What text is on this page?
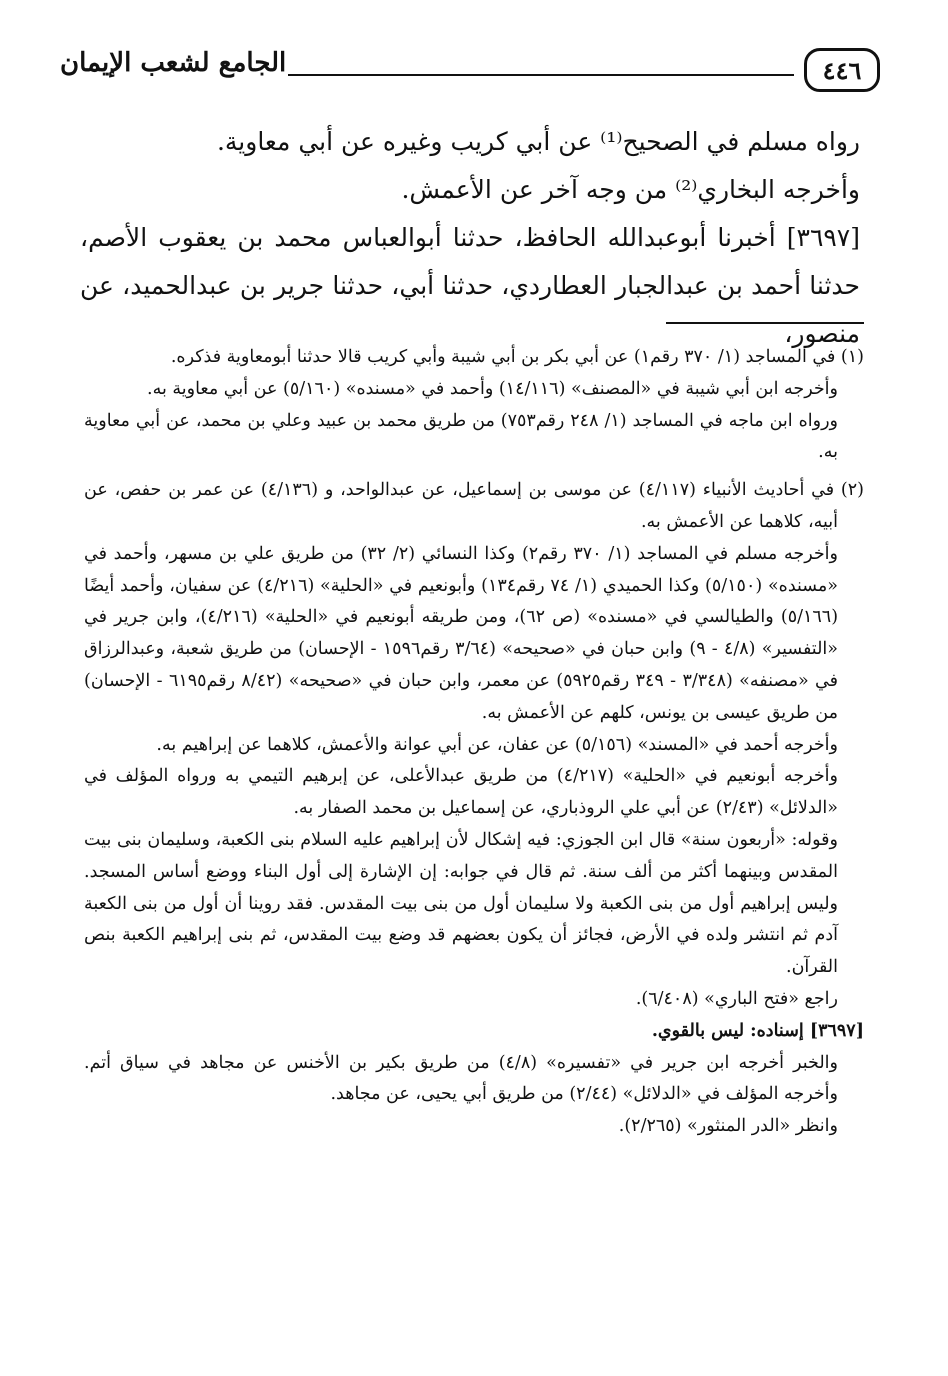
الجامع لشعب الإيمان	٤٤٦

رواه مسلم في الصحيح⁽¹⁾ عن أبي كريب وغيره عن أبي معاوية.

وأخرجه البخاري⁽²⁾ من وجه آخر عن الأعمش.

[٣٦٩٧] أخبرنا أبوعبدالله الحافظ، حدثنا أبوالعباس محمد بن يعقوب الأصم، حدثنا أحمد بن عبدالجبار العطاردي، حدثنا أبي، حدثنا جرير بن عبدالحميد، عن منصور،

(١) في المساجد (١/ ٣٧٠ رقم١) عن أبي بكر بن أبي شيبة وأبي كريب قالا حدثنا أبومعاوية فذكره.

وأخرجه ابن أبي شيبة في «المصنف» (١٤/١١٦) وأحمد في «مسنده» (٥/١٦٠) عن أبي معاوية به.

ورواه ابن ماجه في المساجد (١/ ٢٤٨ رقم٧٥٣) من طريق محمد بن عبيد وعلي بن محمد، عن أبي معاوية به.

(٢) في أحاديث الأنبياء (٤/١١٧) عن موسى بن إسماعيل، عن عبدالواحد، و (٤/١٣٦) عن عمر بن حفص، عن أبيه، كلاهما عن الأعمش به.

وأخرجه مسلم في المساجد (١/ ٣٧٠ رقم٢) وكذا النسائي (٢/ ٣٢) من طريق علي بن مسهر، وأحمد في «مسنده» (٥/١٥٠) وكذا الحميدي (١/ ٧٤ رقم١٣٤) وأبونعيم في «الحلية» (٤/٢١٦) عن سفيان، وأحمد أيضًا (٥/١٦٦) والطيالسي في «مسنده» (ص ٦٢)، ومن طريقه أبونعيم في «الحلية» (٤/٢١٦)، وابن جرير في «التفسير» (٤/٨ - ٩) وابن حبان في «صحيحه» (٣/٦٤ رقم١٥٩٦ - الإحسان) من طريق شعبة، وعبدالرزاق في «مصنفه» (٣/٣٤٨ - ٣٤٩ رقم٥٩٢٥) عن معمر، وابن حبان في «صحيحه» (٨/٤٢ رقم٦١٩٥ - الإحسان) من طريق عيسى بن يونس، كلهم عن الأعمش به.

وأخرجه أحمد في «المسند» (٥/١٥٦) عن عفان، عن أبي عوانة والأعمش، كلاهما عن إبراهيم به.

وأخرجه أبونعيم في «الحلية» (٤/٢١٧) من طريق عبدالأعلى، عن إبرهيم التيمي به ورواه المؤلف في «الدلائل» (٢/٤٣) عن أبي علي الروذباري، عن إسماعيل بن محمد الصفار به.

وقوله: «أربعون سنة» قال ابن الجوزي: فيه إشكال لأن إبراهيم عليه السلام بنى الكعبة، وسليمان بنى بيت المقدس وبينهما أكثر من ألف سنة. ثم قال في جوابه: إن الإشارة إلى أول البناء ووضع أساس المسجد. وليس إبراهيم أول من بنى الكعبة ولا سليمان أول من بنى بيت المقدس. فقد روينا أن أول من بنى الكعبة آدم ثم انتشر ولده في الأرض، فجائز أن يكون بعضهم قد وضع بيت المقدس، ثم بنى إبراهيم الكعبة بنص القرآن.

راجع «فتح الباري» (٦/٤٠٨).

[٣٦٩٧] إسناده: ليس بالقوي.

والخبر أخرجه ابن جرير في «تفسيره» (٤/٨) من طريق بكير بن الأخنس عن مجاهد في سياق أتم. وأخرجه المؤلف في «الدلائل» (٢/٤٤) من طريق أبي يحيى، عن مجاهد.

وانظر «الدر المنثور» (٢/٢٦٥).
